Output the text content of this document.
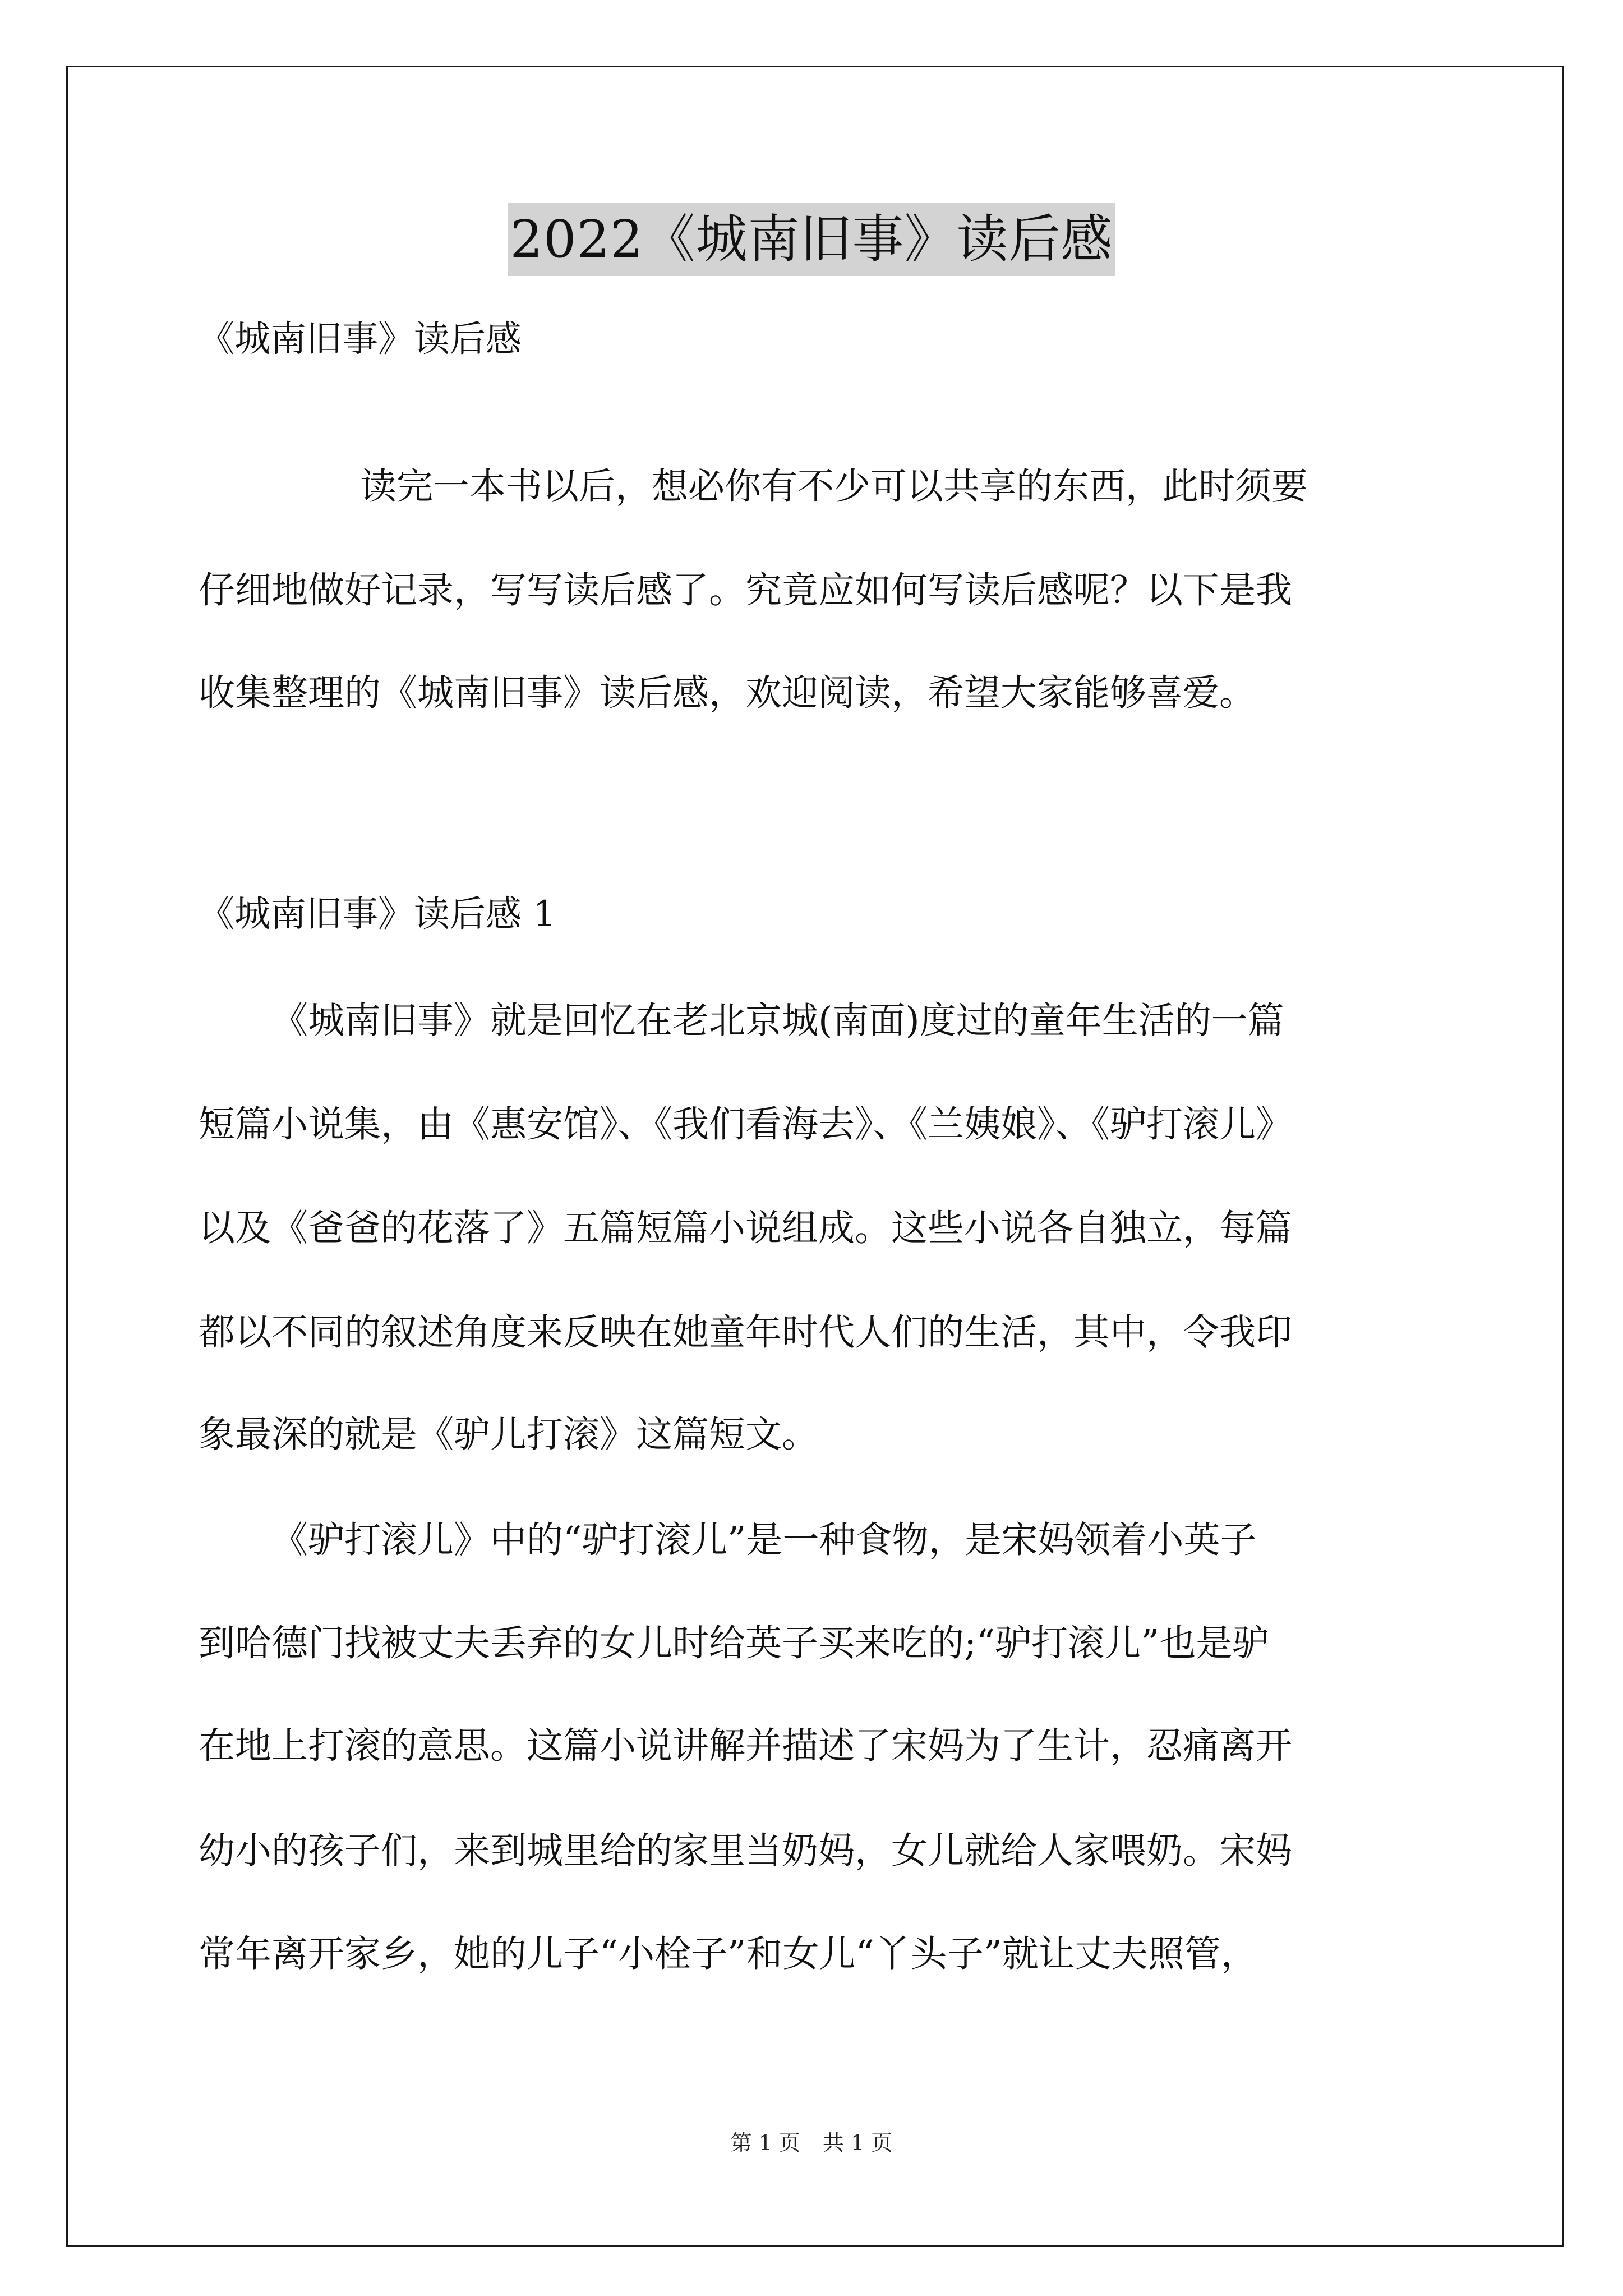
2022《城南旧事》读后感
《城南旧事》读后感
读完一本书以后，想必你有不少可以共享的东西，此时须要
仔细地做好记录，写写读后感了。究竟应如何写读后感呢？以下是我
收集整理的《城南旧事》读后感，欢迎阅读，希望大家能够喜爱。
《城南旧事》读后感 1
《城南旧事》就是回忆在老北京城(南面)度过的童年生活的一篇
短篇小说集，由《惠安馆》、《我们看海去》、《兰姨娘》、《驴打滚儿》
以及《爸爸的花落了》五篇短篇小说组成。这些小说各自独立，每篇
都以不同的叙述角度来反映在她童年时代人们的生活，其中，令我印
象最深的就是《驴儿打滚》这篇短文。
《驴打滚儿》中的“驴打滚儿”是一种食物，是宋妈领着小英子
到哈德门找被丈夫丢弃的女儿时给英子买来吃的;“驴打滚儿”也是驴
在地上打滚的意思。这篇小说讲解并描述了宋妈为了生计，忍痛离开
幼小的孩子们，来到城里给的家里当奶妈，女儿就给人家喂奶。宋妈
常年离开家乡，她的儿子“小栓子”和女儿“丫头子”就让丈夫照管，
第 1 页 共 1 页
